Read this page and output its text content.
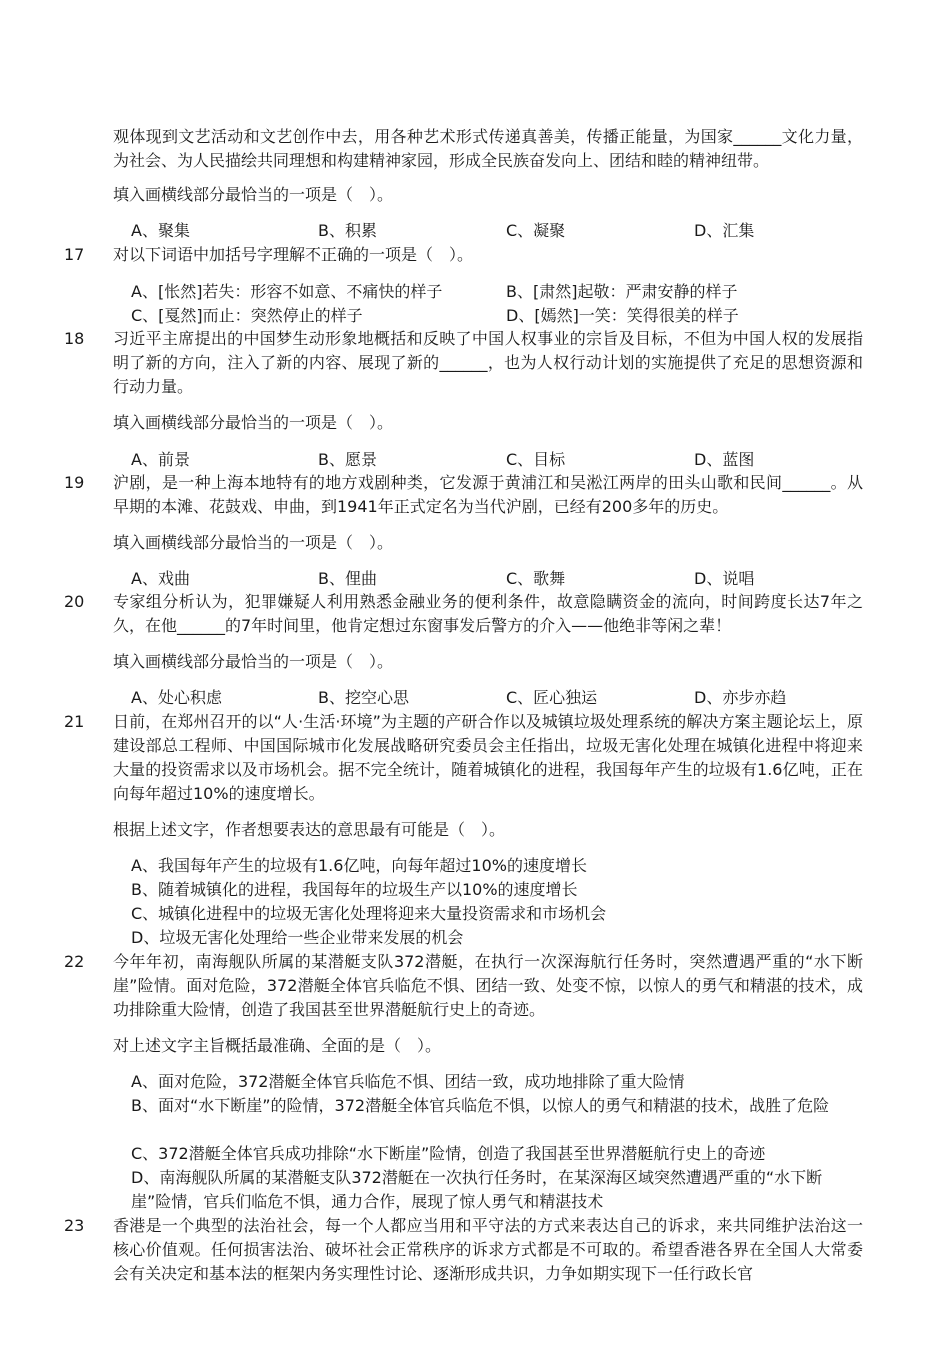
观体现到文艺活动和文艺创作中去，用各种艺术形式传递真善美，传播正能量，为国家______文化力量，为社会、为人民描绘共同理想和构建精神家园，形成全民族奋发向上、团结和睦的精神纽带。
填入画横线部分最恰当的一项是（　）。
A、聚集	B、积累	C、凝聚	D、汇集
17	对以下词语中加括号字理解不正确的一项是（　）。
A、[怅然]若失：形容不如意、不痛快的样子	B、[肃然]起敬：严肃安静的样子
C、[戛然]而止：突然停止的样子	D、[嫣然]一笑：笑得很美的样子
18	习近平主席提出的中国梦生动形象地概括和反映了中国人权事业的宗旨及目标，不但为中国人权的发展指明了新的方向，注入了新的内容、展现了新的______，也为人权行动计划的实施提供了充足的思想资源和行动力量。
填入画横线部分最恰当的一项是（　）。
A、前景	B、愿景	C、目标	D、蓝图
19	沪剧，是一种上海本地特有的地方戏剧种类，它发源于黄浦江和吴淞江两岸的田头山歌和民间______。从早期的本滩、花鼓戏、申曲，到1941年正式定名为当代沪剧，已经有200多年的历史。
填入画横线部分最恰当的一项是（　）。
A、戏曲	B、俚曲	C、歌舞	D、说唱
20	专家组分析认为，犯罪嫌疑人利用熟悉金融业务的便利条件，故意隐瞒资金的流向，时间跨度长达7年之久，在他______的7年时间里，他肯定想过东窗事发后警方的介入——他绝非等闲之辈！
填入画横线部分最恰当的一项是（　）。
A、处心积虑	B、挖空心思	C、匠心独运	D、亦步亦趋
21	日前，在郑州召开的以“人·生活·环境”为主题的产研合作以及城镇垃圾处理系统的解决方案主题论坛上，原建设部总工程师、中国国际城市化发展战略研究委员会主任指出，垃圾无害化处理在城镇化进程中将迎来大量的投资需求以及市场机会。据不完全统计，随着城镇化的进程，我国每年产生的垃圾有1.6亿吨，正在向每年超过10%的速度增长。
根据上述文字，作者想要表达的意思最有可能是（　）。
A、我国每年产生的垃圾有1.6亿吨，向每年超过10%的速度增长
B、随着城镇化的进程，我国每年的垃圾生产以10%的速度增长
C、城镇化进程中的垃圾无害化处理将迎来大量投资需求和市场机会
D、垃圾无害化处理给一些企业带来发展的机会
22	今年年初，南海舰队所属的某潜艇支队372潜艇，在执行一次深海航行任务时，突然遭遇严重的“水下断崖”险情。面对危险，372潜艇全体官兵临危不惧、团结一致、处变不惊，以惊人的勇气和精湛的技术，成功排除重大险情，创造了我国甚至世界潜艇航行史上的奇迹。
对上述文字主旨概括最准确、全面的是（　）。
A、面对危险，372潜艇全体官兵临危不惧、团结一致，成功地排除了重大险情
B、面对“水下断崖”的险情，372潜艇全体官兵临危不惧，以惊人的勇气和精湛的技术，战胜了危险
C、372潜艇全体官兵成功排除“水下断崖”险情，创造了我国甚至世界潜艇航行史上的奇迹
D、南海舰队所属的某潜艇支队372潜艇在一次执行任务时，在某深海区域突然遭遇严重的“水下断崖”险情，官兵们临危不惧，通力合作，展现了惊人勇气和精湛技术
23	香港是一个典型的法治社会，每一个人都应当用和平守法的方式来表达自己的诉求，来共同维护法治这一核心价值观。任何损害法治、破坏社会正常秩序的诉求方式都是不可取的。希望香港各界在全国人大常委会有关决定和基本法的框架内务实理性讨论、逐渐形成共识，力争如期实现下一任行政长官
